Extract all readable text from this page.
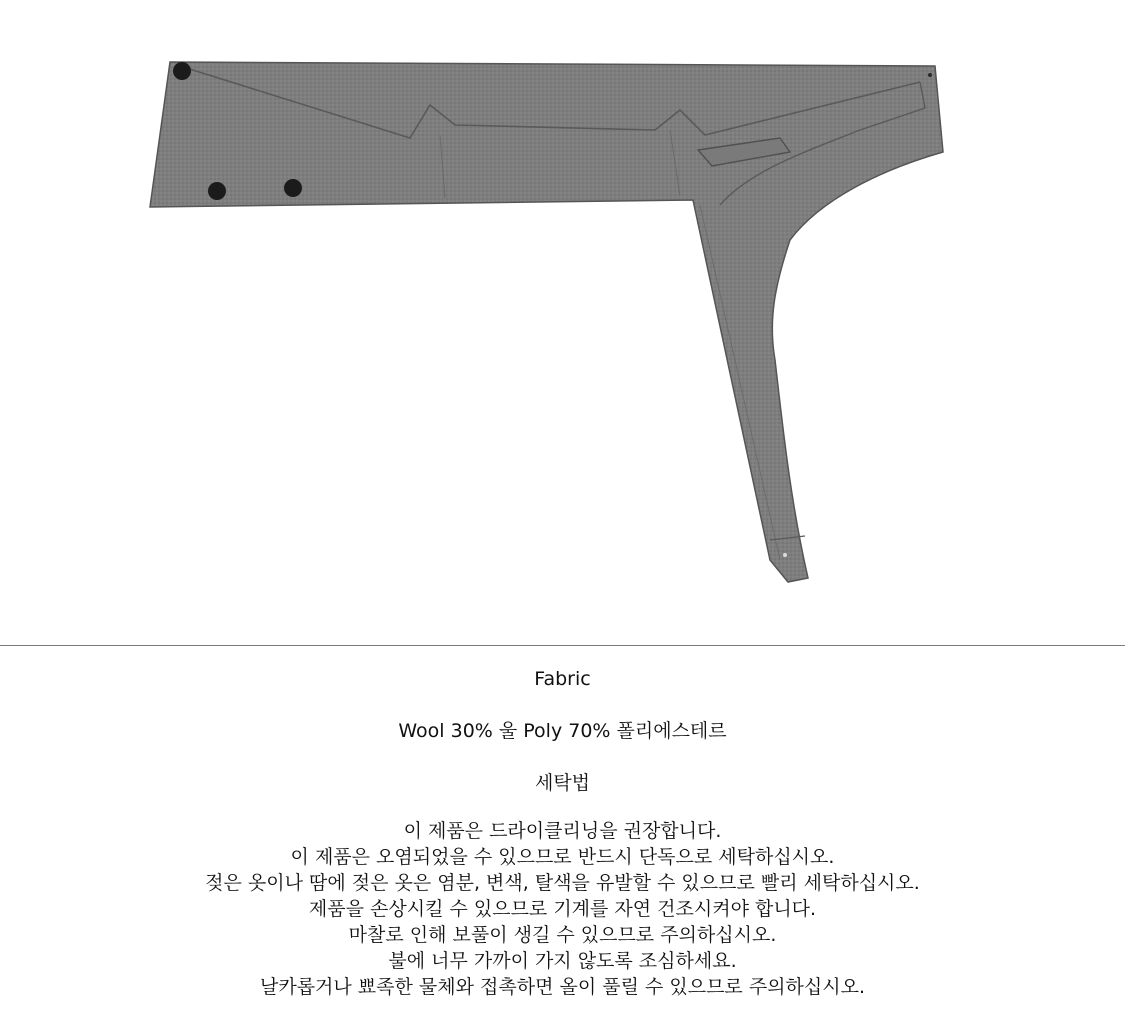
Fabric

Wool 30% 울 Poly 70% 폴리에스테르

세탁법

이 제품은 드라이클리닝을 권장합니다.
이 제품은 오염되었을 수 있으므로 반드시 단독으로 세탁하십시오.
젖은 옷이나 땀에 젖은 옷은 염분, 변색, 탈색을 유발할 수 있으므로 빨리 세탁하십시오.
제품을 손상시킬 수 있으므로 기계를 자연 건조시켜야 합니다.
마찰로 인해 보풀이 생길 수 있으므로 주의하십시오.
불에 너무 가까이 가지 않도록 조심하세요.
날카롭거나 뾰족한 물체와 접촉하면 올이 풀릴 수 있으므로 주의하십시오.
